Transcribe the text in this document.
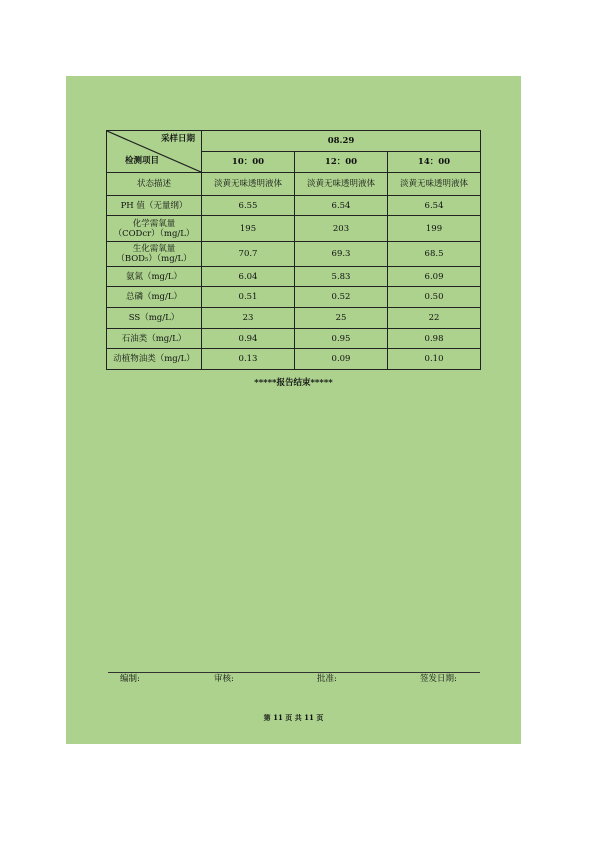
采样日期
检测项目	08.29		
	10：00	12：00	14：00
状态描述	淡黄无味透明液体	淡黄无味透明液体	淡黄无味透明液体
PH 值（无量纲）	6.55	6.54	6.54
化学需氧量
（CODcr）（mg/L）	195	203	199
生化需氧量
（BOD₅）（mg/L）	70.7	69.3	68.5
氨氮（mg/L）	6.04	5.83	6.09
总磷（mg/L）	0.51	0.52	0.50
SS（mg/L）	23	25	22
石油类（mg/L）	0.94	0.95	0.98
动植物油类（mg/L）	0.13	0.09	0.10
*****报告结束*****
编制:	审核:	批准:	签发日期:
第 11 页 共 11 页
